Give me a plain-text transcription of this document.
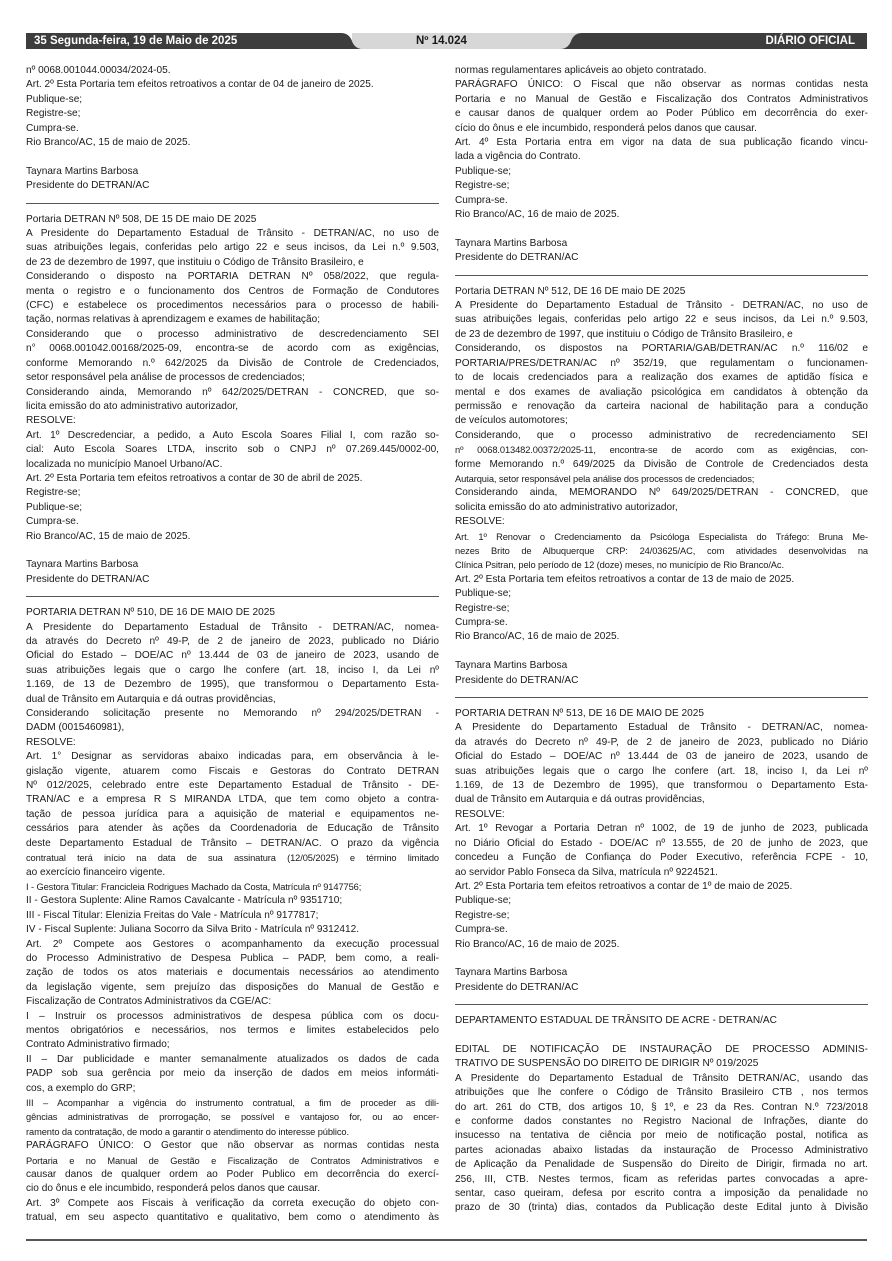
35 Segunda-feira, 19 de Maio de 2025	Nº 14.024	DIÁRIO OFICIAL
nº 0068.001044.00034/2024-05.
Art. 2º Esta Portaria tem efeitos retroativos a contar de 04 de janeiro de 2025.
Publique-se;
Registre-se;
Cumpra-se.
Rio Branco/AC, 15 de maio de 2025.
Taynara Martins Barbosa
Presidente do DETRAN/AC
Portaria DETRAN Nº 508, DE 15 DE maio DE 2025
A Presidente do Departamento Estadual de Trânsito - DETRAN/AC, no uso de
suas atribuições legais, conferidas pelo artigo 22 e seus incisos, da Lei n.º 9.503,
de 23 de dezembro de 1997, que instituiu o Código de Trânsito Brasileiro, e
Considerando o disposto na PORTARIA DETRAN Nº 058/2022, que regula-
menta o registro e o funcionamento dos Centros de Formação de Condutores
(CFC) e estabelece os procedimentos necessários para o processo de habili-
tação, normas relativas à aprendizagem e exames de habilitação;
Considerando que o processo administrativo de descredenciamento SEI
n° 0068.001042.00168/2025-09, encontra-se de acordo com as exigências,
conforme Memorando n.º 642/2025 da Divisão de Controle de Credenciados,
setor responsável pela análise de processos de credenciados;
Considerando ainda, Memorando nº 642/2025/DETRAN - CONCRED, que so-
licita emissão do ato administrativo autorizador,
RESOLVE:
Art. 1º Descredenciar, a pedido, a Auto Escola Soares Filial I, com razão so-
cial: Auto Escola Soares LTDA, inscrito sob o CNPJ nº 07.269.445/0002-00,
localizada no município Manoel Urbano/AC.
Art. 2º Esta Portaria tem efeitos retroativos a contar de 30 de abril de 2025.
Registre-se;
Publique-se;
Cumpra-se.
Rio Branco/AC, 15 de maio de 2025.
Taynara Martins Barbosa
Presidente do DETRAN/AC
PORTARIA DETRAN Nº 510, DE 16 DE MAIO DE 2025
A Presidente do Departamento Estadual de Trânsito - DETRAN/AC, nomea-
da através do Decreto nº 49-P, de 2 de janeiro de 2023, publicado no Diário
Oficial do Estado – DOE/AC nº 13.444 de 03 de janeiro de 2023, usando de
suas atribuições legais que o cargo lhe confere (art. 18, inciso I, da Lei nº
1.169, de 13 de Dezembro de 1995), que transformou o Departamento Esta-
dual de Trânsito em Autarquia e dá outras providências,
Considerando solicitação presente no Memorando nº 294/2025/DETRAN -
DADM (0015460981),
RESOLVE:
Art. 1° Designar as servidoras abaixo indicadas para, em observância à le-
gislação vigente, atuarem como Fiscais e Gestoras do Contrato DETRAN
Nº 012/2025, celebrado entre este Departamento Estadual de Trânsito - DE-
TRAN/AC e a empresa R S MIRANDA LTDA, que tem como objeto a contra-
tação de pessoa jurídica para a aquisição de material e equipamentos ne-
cessários para atender às ações da Coordenadoria de Educação de Trânsito
deste Departamento Estadual de Trânsito – DETRAN/AC. O prazo da vigência
contratual terá início na data de sua assinatura (12/05/2025) e término limitado
ao exercício financeiro vigente.
I - Gestora Titular: Francicleia Rodrigues Machado da Costa, Matrícula nº 9147756;
II - Gestora Suplente: Aline Ramos Cavalcante - Matrícula nº 9351710;
III - Fiscal Titular: Elenizia Freitas do Vale - Matrícula nº 9177817;
IV - Fiscal Suplente: Juliana Socorro da Silva Brito - Matrícula nº 9312412.
Art. 2º Compete aos Gestores o acompanhamento da execução processual
do Processo Administrativo de Despesa Publica – PADP, bem como, a reali-
zação de todos os atos materiais e documentais necessários ao atendimento
da legislação vigente, sem prejuízo das disposições do Manual de Gestão e
Fiscalização de Contratos Administrativos da CGE/AC:
I – Instruir os processos administrativos de despesa pública com os docu-
mentos obrigatórios e necessários, nos termos e limites estabelecidos pelo
Contrato Administrativo firmado;
II – Dar publicidade e manter semanalmente atualizados os dados de cada
PADP sob sua gerência por meio da inserção de dados em meios informáti-
cos, a exemplo do GRP;
III – Acompanhar a vigência do instrumento contratual, a fim de proceder as dili-
gências administrativas de prorrogação, se possível e vantajoso for, ou ao encer-
ramento da contratação, de modo a garantir o atendimento do interesse público.
PARÁGRAFO ÚNICO: O Gestor que não observar as normas contidas nesta
Portaria e no Manual de Gestão e Fiscalização de Contratos Administrativos e
causar danos de qualquer ordem ao Poder Publico em decorrência do exercí-
cio do ônus e ele incumbido, responderá pelos danos que causar.
Art. 3º Compete aos Fiscais à verificação da correta execução do objeto con-
tratual, em seu aspecto quantitativo e qualitativo, bem como o atendimento às
normas regulamentares aplicáveis ao objeto contratado.
PARÁGRAFO ÚNICO: O Fiscal que não observar as normas contidas nesta
Portaria e no Manual de Gestão e Fiscalização dos Contratos Administrativos
e causar danos de qualquer ordem ao Poder Público em decorrência do exer-
cício do ônus e ele incumbido, responderá pelos danos que causar.
Art. 4º Esta Portaria entra em vigor na data de sua publicação ficando vincu-
lada a vigência do Contrato.
Publique-se;
Registre-se;
Cumpra-se.
Rio Branco/AC, 16 de maio de 2025.
Taynara Martins Barbosa
Presidente do DETRAN/AC
Portaria DETRAN Nº 512, DE 16 DE maio DE 2025
A Presidente do Departamento Estadual de Trânsito - DETRAN/AC, no uso de
suas atribuições legais, conferidas pelo artigo 22 e seus incisos, da Lei n.º 9.503,
de 23 de dezembro de 1997, que instituiu o Código de Trânsito Brasileiro, e
Considerando, os dispostos na PORTARIA/GAB/DETRAN/AC n.º 116/02 e
PORTARIA/PRES/DETRAN/AC nº 352/19, que regulamentam o funcionamen-
to de locais credenciados para a realização dos exames de aptidão física e
mental e dos exames de avaliação psicológica em candidatos à obtenção da
permissão e renovação da carteira nacional de habilitação para a condução
de veículos automotores;
Considerando, que o processo administrativo de recredenciamento SEI
nº 0068.013482.00372/2025-11, encontra-se de acordo com as exigências, con-
forme Memorando n.º 649/2025 da Divisão de Controle de Credenciados desta
Autarquia, setor responsável pela análise dos processos de credenciados;
Considerando ainda, MEMORANDO Nº 649/2025/DETRAN - CONCRED, que
solicita emissão do ato administrativo autorizador,
RESOLVE:
Art. 1º Renovar o Credenciamento da Psicóloga Especialista do Tráfego: Bruna Me-
nezes Brito de Albuquerque CRP: 24/03625/AC, com atividades desenvolvidas na
Clínica Psitran, pelo período de 12 (doze) meses, no município de Rio Branco/Ac.
Art. 2º Esta Portaria tem efeitos retroativos a contar de 13 de maio de 2025.
Publique-se;
Registre-se;
Cumpra-se.
Rio Branco/AC, 16 de maio de 2025.
Taynara Martins Barbosa
Presidente do DETRAN/AC
PORTARIA DETRAN Nº 513, DE 16 DE MAIO DE 2025
A Presidente do Departamento Estadual de Trânsito - DETRAN/AC, nomea-
da através do Decreto nº 49-P, de 2 de janeiro de 2023, publicado no Diário
Oficial do Estado – DOE/AC nº 13.444 de 03 de janeiro de 2023, usando de
suas atribuições legais que o cargo lhe confere (art. 18, inciso I, da Lei nº
1.169, de 13 de Dezembro de 1995), que transformou o Departamento Esta-
dual de Trânsito em Autarquia e dá outras providências,
RESOLVE:
Art. 1º Revogar a Portaria Detran nº 1002, de 19 de junho de 2023, publicada
no Diário Oficial do Estado - DOE/AC nº 13.555, de 20 de junho de 2023, que
concedeu a Função de Confiança do Poder Executivo, referência FCPE - 10,
ao servidor Pablo Fonseca da Silva, matrícula nº 9224521.
Art. 2º Esta Portaria tem efeitos retroativos a contar de 1º de maio de 2025.
Publique-se;
Registre-se;
Cumpra-se.
Rio Branco/AC, 16 de maio de 2025.
Taynara Martins Barbosa
Presidente do DETRAN/AC
DEPARTAMENTO ESTADUAL DE TRÂNSITO DE ACRE - DETRAN/AC
EDITAL DE NOTIFICAÇÃO DE INSTAURAÇÃO DE PROCESSO ADMINIS-
TRATIVO DE SUSPENSÃO DO DIREITO DE DIRIGIR Nº 019/2025
A Presidente do Departamento Estadual de Trânsito DETRAN/AC, usando das
atribuições que lhe confere o Código de Trânsito Brasileiro CTB , nos termos
do art. 261 do CTB, dos artigos 10, § 1º, e 23 da Res. Contran N.º 723/2018
e conforme dados constantes no Registro Nacional de Infrações, diante do
insucesso na tentativa de ciência por meio de notificação postal, notifica as
partes acionadas abaixo listadas da instauração de Processo Administrativo
de Aplicação da Penalidade de Suspensão do Direito de Dirigir, firmada no art.
256, III, CTB. Nestes termos, ficam as referidas partes convocadas a apre-
sentar, caso queiram, defesa por escrito contra a imposição da penalidade no
prazo de 30 (trinta) dias, contados da Publicação deste Edital junto à Divisão
